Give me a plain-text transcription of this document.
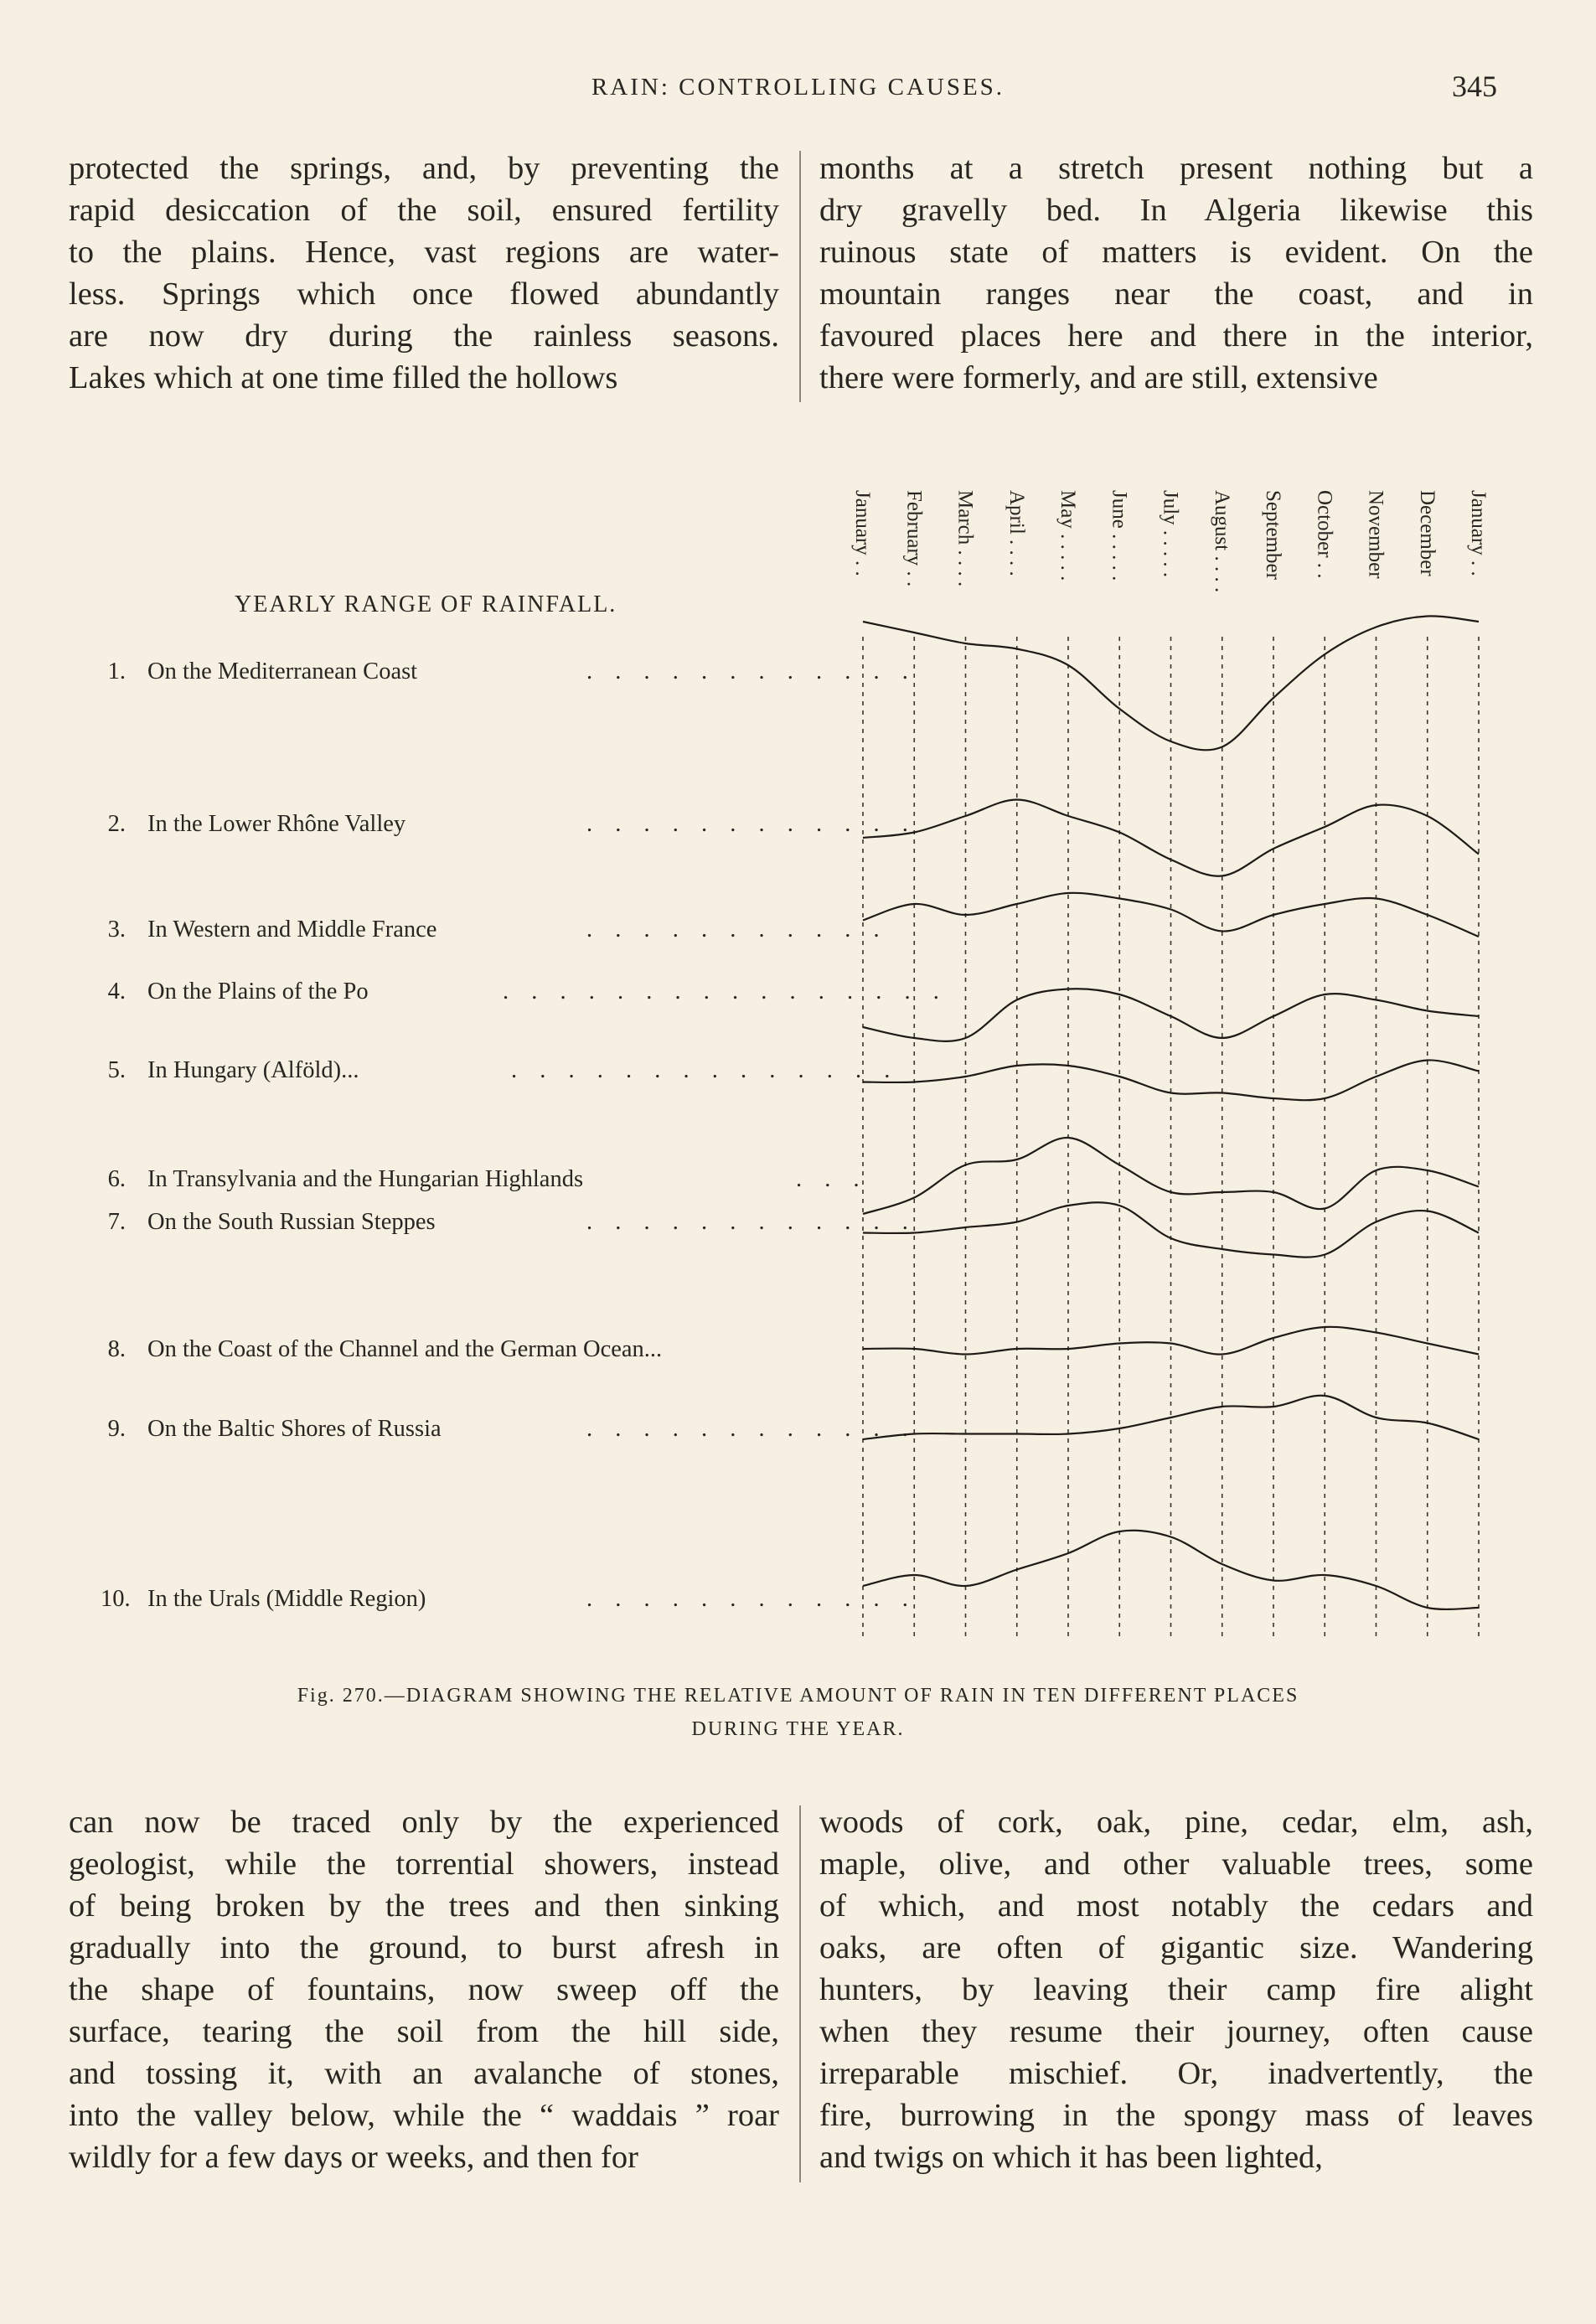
RAIN: CONTROLLING CAUSES.	345
protected the springs, and, by preventing the
rapid desiccation of the soil, ensured fertility
to the plains. Hence, vast regions are water-
less. Springs which once flowed abundantly
are now dry during the rainless seasons.
Lakes which at one time filled the hollows
months at a stretch present nothing but a
dry gravelly bed. In Algeria likewise this
ruinous state of matters is evident. On the
mountain ranges near the coast, and in
favoured places here and there in the interior,
there were formerly, and are still, extensive
YEARLY RANGE OF RAINFALL.
1. On the Mediterranean Coast	. . . . . . . . . . . .
2. In the Lower Rhône Valley	. . . . . . . . . . . .
3. In Western and Middle France	. . . . . . . . . . .
4. On the Plains of the Po	. . . . . . . . . . . . . . . .
5. In Hungary (Alföld)...	. . . . . . . . . . . . . .
6. In Transylvania and the Hungarian Highlands	. . .
7. On the South Russian Steppes	. . . . . . . . . . . .
8. On the Coast of the Channel and the German Ocean...
9. On the Baltic Shores of Russia	. . . . . . . . . . . .
10. In the Urals (Middle Region)	. . . . . . . . . . . .
January . . February . . March . . . . April . . . . May . . . . . June . . . . . July . . . . . August . . . . September October . . November December January . .
Fig. 270.—DIAGRAM SHOWING THE RELATIVE AMOUNT OF RAIN IN TEN DIFFERENT PLACES
DURING THE YEAR.
can now be traced only by the experienced
geologist, while the torrential showers, instead
of being broken by the trees and then sinking
gradually into the ground, to burst afresh in
the shape of fountains, now sweep off the
surface, tearing the soil from the hill side,
and tossing it, with an avalanche of stones,
into the valley below, while the “ waddais ” roar
wildly for a few days or weeks, and then for
woods of cork, oak, pine, cedar, elm, ash,
maple, olive, and other valuable trees, some
of which, and most notably the cedars and
oaks, are often of gigantic size. Wandering
hunters, by leaving their camp fire alight
when they resume their journey, often cause
irreparable mischief. Or, inadvertently, the
fire, burrowing in the spongy mass of leaves
and twigs on which it has been lighted,
